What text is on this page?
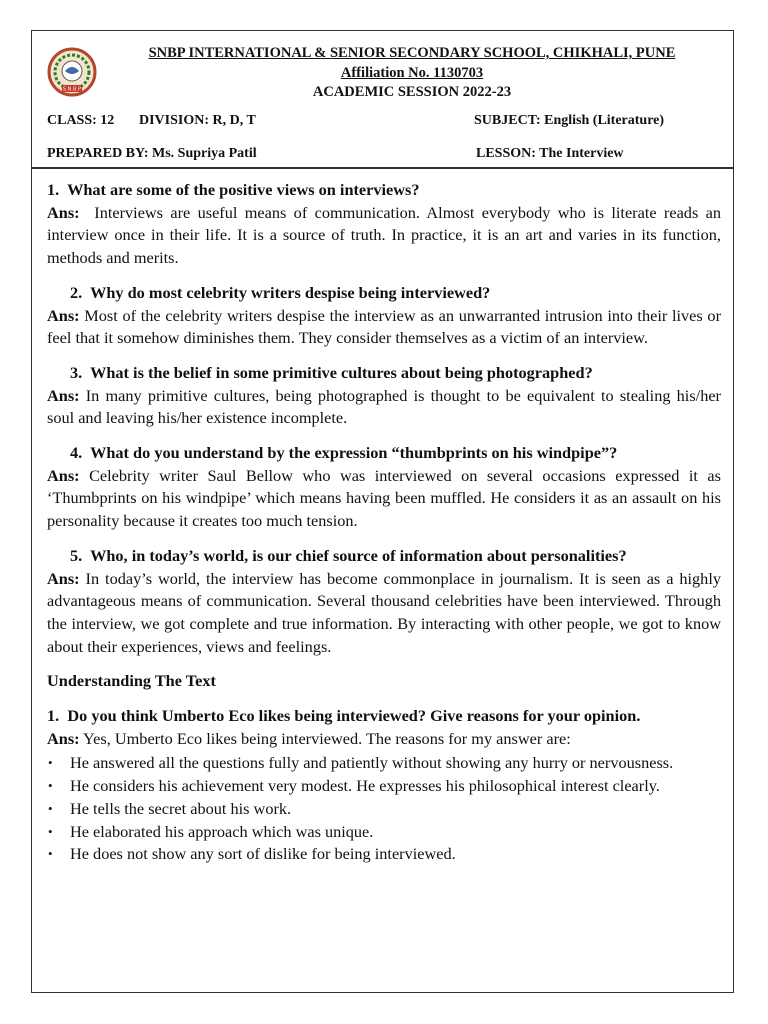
S.N.B.P
SNBP INTERNATIONAL & SENIOR SECONDARY SCHOOL, CHIKHALI, PUNE
Affiliation No. 1130703
ACADEMIC SESSION 2022-23
CLASS: 12 DIVISION: R, D, T	SUBJECT: English (Literature)
PREPARED BY: Ms. Supriya Patil	LESSON: The Interview

1. What are some of the positive views on interviews?

Ans: Interviews are useful means of communication. Almost everybody who is literate reads an interview once in their life. It is a source of truth. In practice, it is an art and varies in its function, methods and merits.

2. Why do most celebrity writers despise being interviewed?

Ans: Most of the celebrity writers despise the interview as an unwarranted intrusion into their lives or feel that it somehow diminishes them. They consider themselves as a victim of an interview.

3. What is the belief in some primitive cultures about being photographed?

Ans: In many primitive cultures, being photographed is thought to be equivalent to stealing his/her soul and leaving his/her existence incomplete.

4. What do you understand by the expression “thumbprints on his windpipe”?

Ans: Celebrity writer Saul Bellow who was interviewed on several occasions expressed it as ‘Thumbprints on his windpipe’ which means having been muffled. He considers it as an assault on his personality because it creates too much tension.

5. Who, in today’s world, is our chief source of information about personalities?

Ans: In today’s world, the interview has become commonplace in journalism. It is seen as a highly advantageous means of communication. Several thousand celebrities have been interviewed. Through the interview, we got complete and true information. By interacting with other people, we got to know about their experiences, views and feelings.

Understanding The Text

1. Do you think Umberto Eco likes being interviewed? Give reasons for your opinion.

Ans: Yes, Umberto Eco likes being interviewed. The reasons for my answer are:

• He answered all the questions fully and patiently without showing any hurry or nervousness.
• He considers his achievement very modest. He expresses his philosophical interest clearly.
• He tells the secret about his work.
• He elaborated his approach which was unique.
• He does not show any sort of dislike for being interviewed.
